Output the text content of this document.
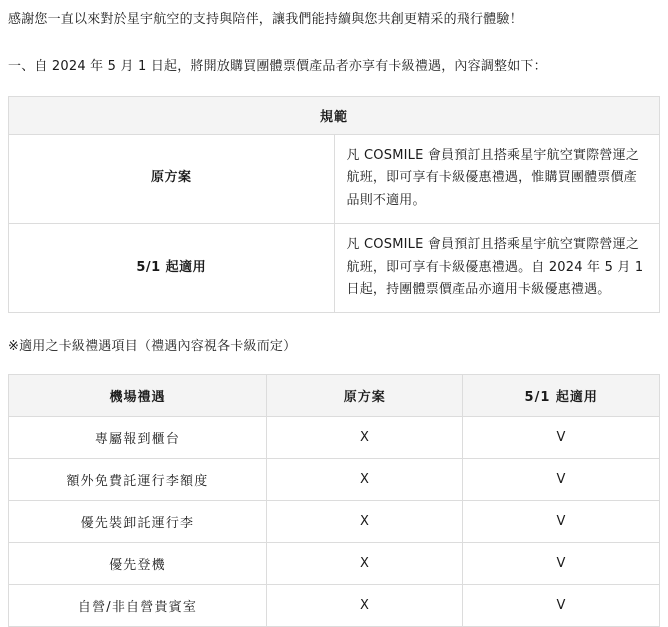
感謝您一直以來對於星宇航空的支持與陪伴，讓我們能持續與您共創更精采的飛行體驗！

一、自 2024 年 5 月 1 日起，將開放購買團體票價產品者亦享有卡級禮遇，內容調整如下：

規範	
原方案	凡 COSMILE 會員預訂且搭乘星宇航空實際營運之航班，即可享有卡級優惠禮遇，惟購買團體票價產品則不適用。
5/1 起適用	凡 COSMILE 會員預訂且搭乘星宇航空實際營運之航班，即可享有卡級優惠禮遇。自 2024 年 5 月 1 日起，持團體票價產品亦適用卡級優惠禮遇。

※適用之卡級禮遇項目（禮遇內容視各卡級而定）

機場禮遇	原方案	5/1 起適用
專屬報到櫃台	X	V
額外免費託運行李額度	X	V
優先裝卸託運行李	X	V
優先登機	X	V
自營/非自營貴賓室	X	V
